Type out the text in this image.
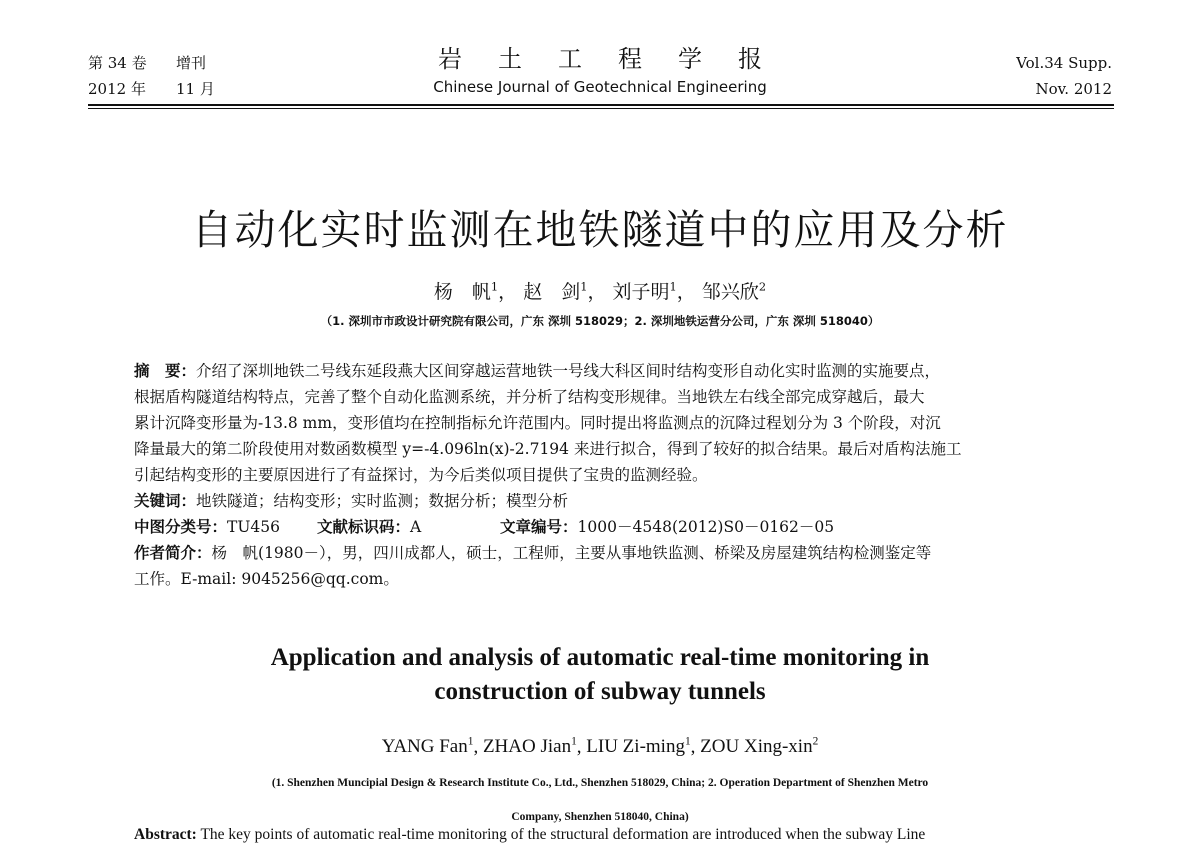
第 34 卷 增刊
2012 年 11 月
岩土工程学报
Chinese Journal of Geotechnical Engineering
Vol.34 Supp.
Nov. 2012
自动化实时监测在地铁隧道中的应用及分析
杨　帆$^1$， 赵　剑$^1$， 刘子明$^1$， 邹兴欣$^2$
（1. 深圳市市政设计研究院有限公司，广东 深圳 518029；2. 深圳地铁运营分公司，广东 深圳 518040）
摘　要：介绍了深圳地铁二号线东延段燕大区间穿越运营地铁一号线大科区间时结构变形自动化实时监测的实施要点，
根据盾构隧道结构特点，完善了整个自动化监测系统，并分析了结构变形规律。当地铁左右线全部完成穿越后，最大
累计沉降变形量为-13.8 mm，变形值均在控制指标允许范围内。同时提出将监测点的沉降过程划分为 3 个阶段，对沉
降量最大的第二阶段使用对数函数模型 y=-4.096ln(x)-2.7194 来进行拟合，得到了较好的拟合结果。最后对盾构法施工
引起结构变形的主要原因进行了有益探讨，为今后类似项目提供了宝贵的监测经验。
关键词：地铁隧道；结构变形；实时监测；数据分析；模型分析
中图分类号：TU456 文献标识码：A	文章编号：1000－4548(2012)S0－0162－05
作者简介：杨　帆(1980－），男，四川成都人，硕士，工程师，主要从事地铁监测、桥梁及房屋建筑结构检测鉴定等
工作。E-mail: 9045256@qq.com。
Application and analysis of automatic real-time monitoring in
construction of subway tunnels
YANG Fan$^1$, ZHAO Jian$^1$, LIU Zi-ming$^1$, ZOU Xing-xin$^2$
(1. Shenzhen Muncipial Design & Research Institute Co., Ltd., Shenzhen 518029, China; 2. Operation Department of Shenzhen Metro
Company, Shenzhen 518040, China)
Abstract: The key points of automatic real-time monitoring of the structural deformation are introduced when the subway Line
